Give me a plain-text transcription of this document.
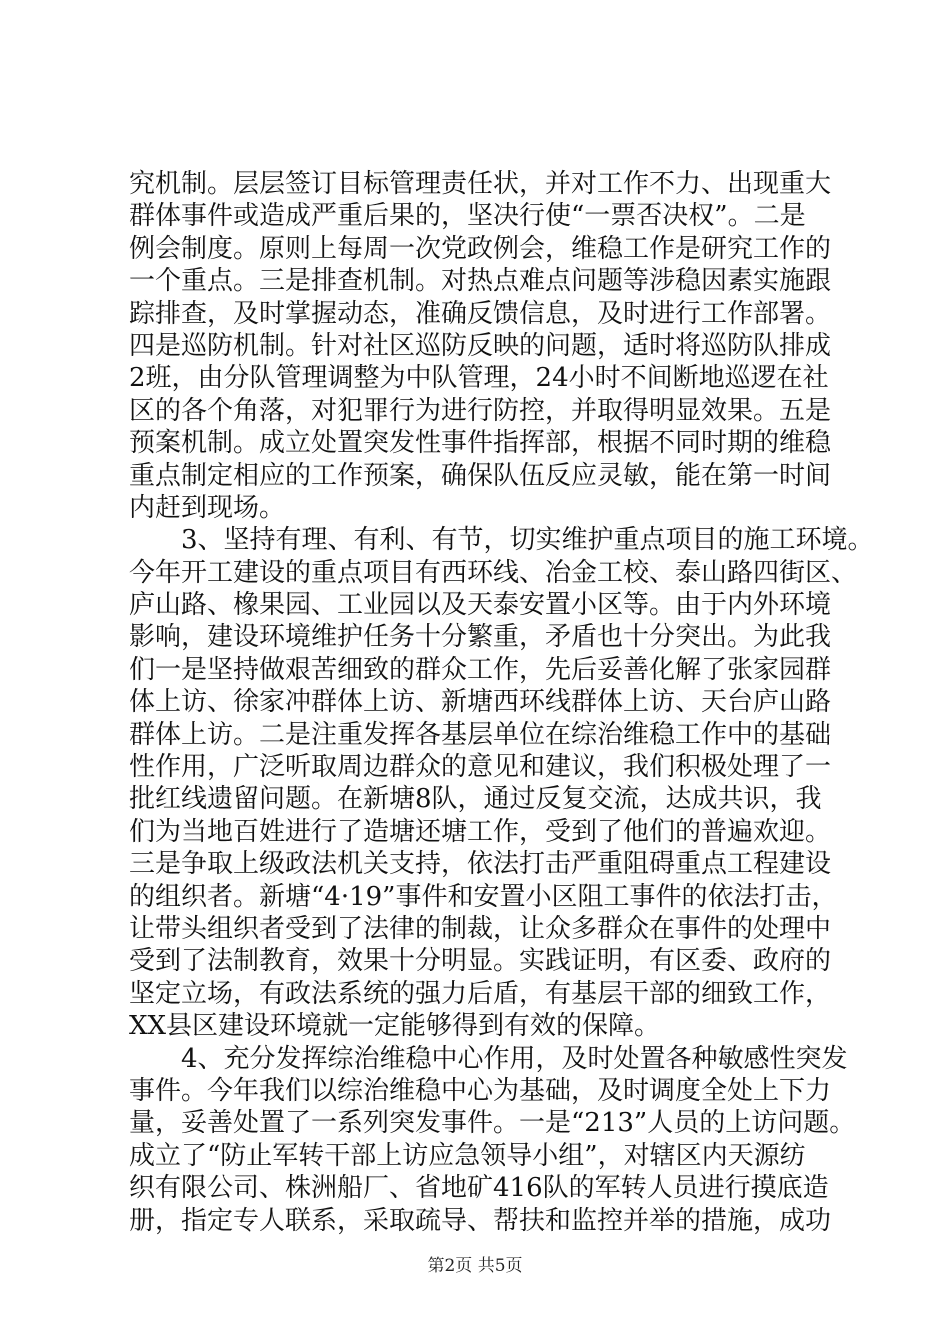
究机制。层层签订目标管理责任状，并对工作不力、出现重大
群体事件或造成严重后果的，坚决行使“一票否决权”。二是
例会制度。原则上每周一次党政例会，维稳工作是研究工作的
一个重点。三是排查机制。对热点难点问题等涉稳因素实施跟
踪排查，及时掌握动态，准确反馈信息，及时进行工作部署。
四是巡防机制。针对社区巡防反映的问题，适时将巡防队排成
2班，由分队管理调整为中队管理，24小时不间断地巡逻在社
区的各个角落，对犯罪行为进行防控，并取得明显效果。五是
预案机制。成立处置突发性事件指挥部，根据不同时期的维稳
重点制定相应的工作预案，确保队伍反应灵敏，能在第一时间
内赶到现场。
　　3、坚持有理、有利、有节，切实维护重点项目的施工环境。
今年开工建设的重点项目有西环线、冶金工校、泰山路四街区、
庐山路、橡果园、工业园以及天泰安置小区等。由于内外环境
影响，建设环境维护任务十分繁重，矛盾也十分突出。为此我
们一是坚持做艰苦细致的群众工作，先后妥善化解了张家园群
体上访、徐家冲群体上访、新塘西环线群体上访、天台庐山路
群体上访。二是注重发挥各基层单位在综治维稳工作中的基础
性作用，广泛听取周边群众的意见和建议，我们积极处理了一
批红线遗留问题。在新塘8队，通过反复交流，达成共识，我
们为当地百姓进行了造塘还塘工作，受到了他们的普遍欢迎。
三是争取上级政法机关支持，依法打击严重阻碍重点工程建设
的组织者。新塘“4·19”事件和安置小区阻工事件的依法打击，
让带头组织者受到了法律的制裁，让众多群众在事件的处理中
受到了法制教育，效果十分明显。实践证明，有区委、政府的
坚定立场，有政法系统的强力后盾，有基层干部的细致工作，
XX县区建设环境就一定能够得到有效的保障。
　　4、充分发挥综治维稳中心作用，及时处置各种敏感性突发
事件。今年我们以综治维稳中心为基础，及时调度全处上下力
量，妥善处置了一系列突发事件。一是“213”人员的上访问题。
成立了“防止军转干部上访应急领导小组”，对辖区内天源纺
织有限公司、株洲船厂、省地矿416队的军转人员进行摸底造
册，指定专人联系，采取疏导、帮扶和监控并举的措施，成功
第2页 共5页
